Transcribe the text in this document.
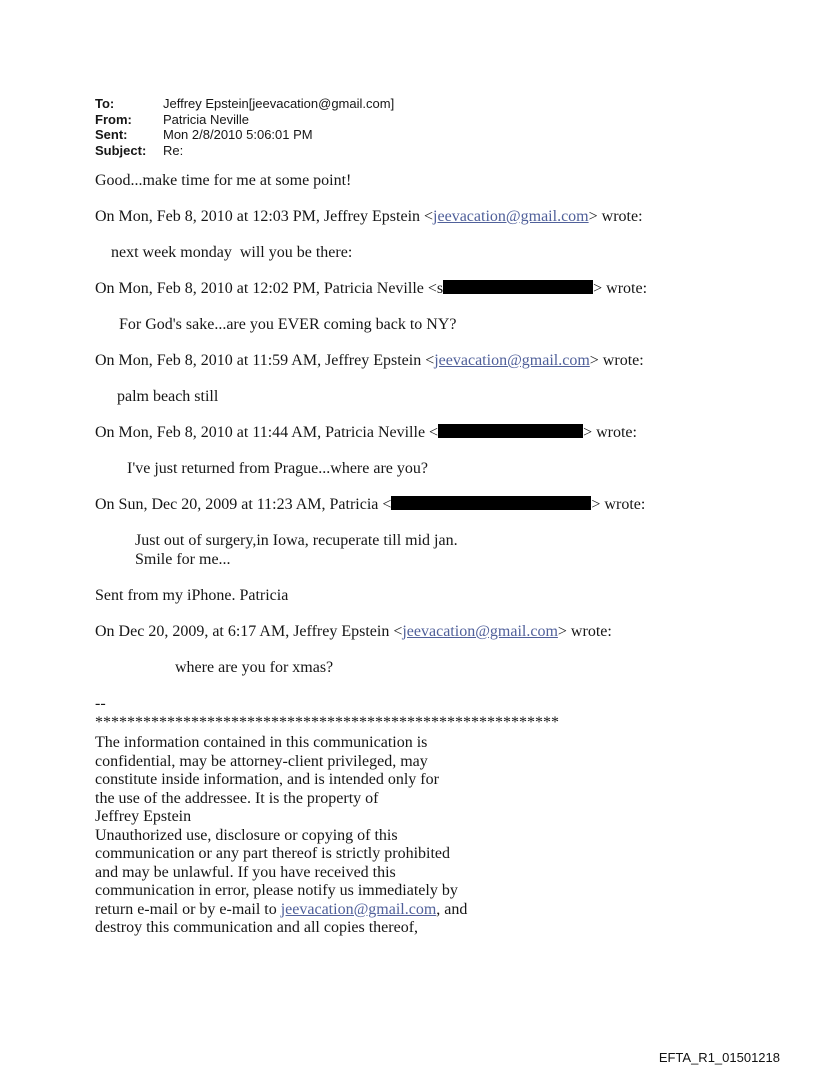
To:	Jeffrey Epstein[jeevacation@gmail.com]
From:	Patricia Neville
Sent:	Mon 2/8/2010 5:06:01 PM
Subject:	Re:

Good...make time for me at some point!

On Mon, Feb 8, 2010 at 12:03 PM, Jeffrey Epstein <jeevacation@gmail.com> wrote:

next week monday  will you be there:

On Mon, Feb 8, 2010 at 12:02 PM, Patricia Neville <s	> wrote:

For God's sake...are you EVER coming back to NY?

On Mon, Feb 8, 2010 at 11:59 AM, Jeffrey Epstein <jeevacation@gmail.com> wrote:

palm beach still

On Mon, Feb 8, 2010 at 11:44 AM, Patricia Neville <	> wrote:

I've just returned from Prague...where are you?

On Sun, Dec 20, 2009 at 11:23 AM, Patricia <	> wrote:

Just out of surgery,in Iowa, recuperate till mid jan.

Smile for me...

Sent from my iPhone. Patricia

On Dec 20, 2009, at 6:17 AM, Jeffrey Epstein <jeevacation@gmail.com> wrote:

where are you for xmas?

--

**********************************************************

The information contained in this communication is

confidential, may be attorney-client privileged, may

constitute inside information, and is intended only for

the use of the addressee. It is the property of

Jeffrey Epstein

Unauthorized use, disclosure or copying of this

communication or any part thereof is strictly prohibited

and may be unlawful. If you have received this

communication in error, please notify us immediately by

return e-mail or by e-mail to jeevacation@gmail.com, and

destroy this communication and all copies thereof,

EFTA_R1_01501218
